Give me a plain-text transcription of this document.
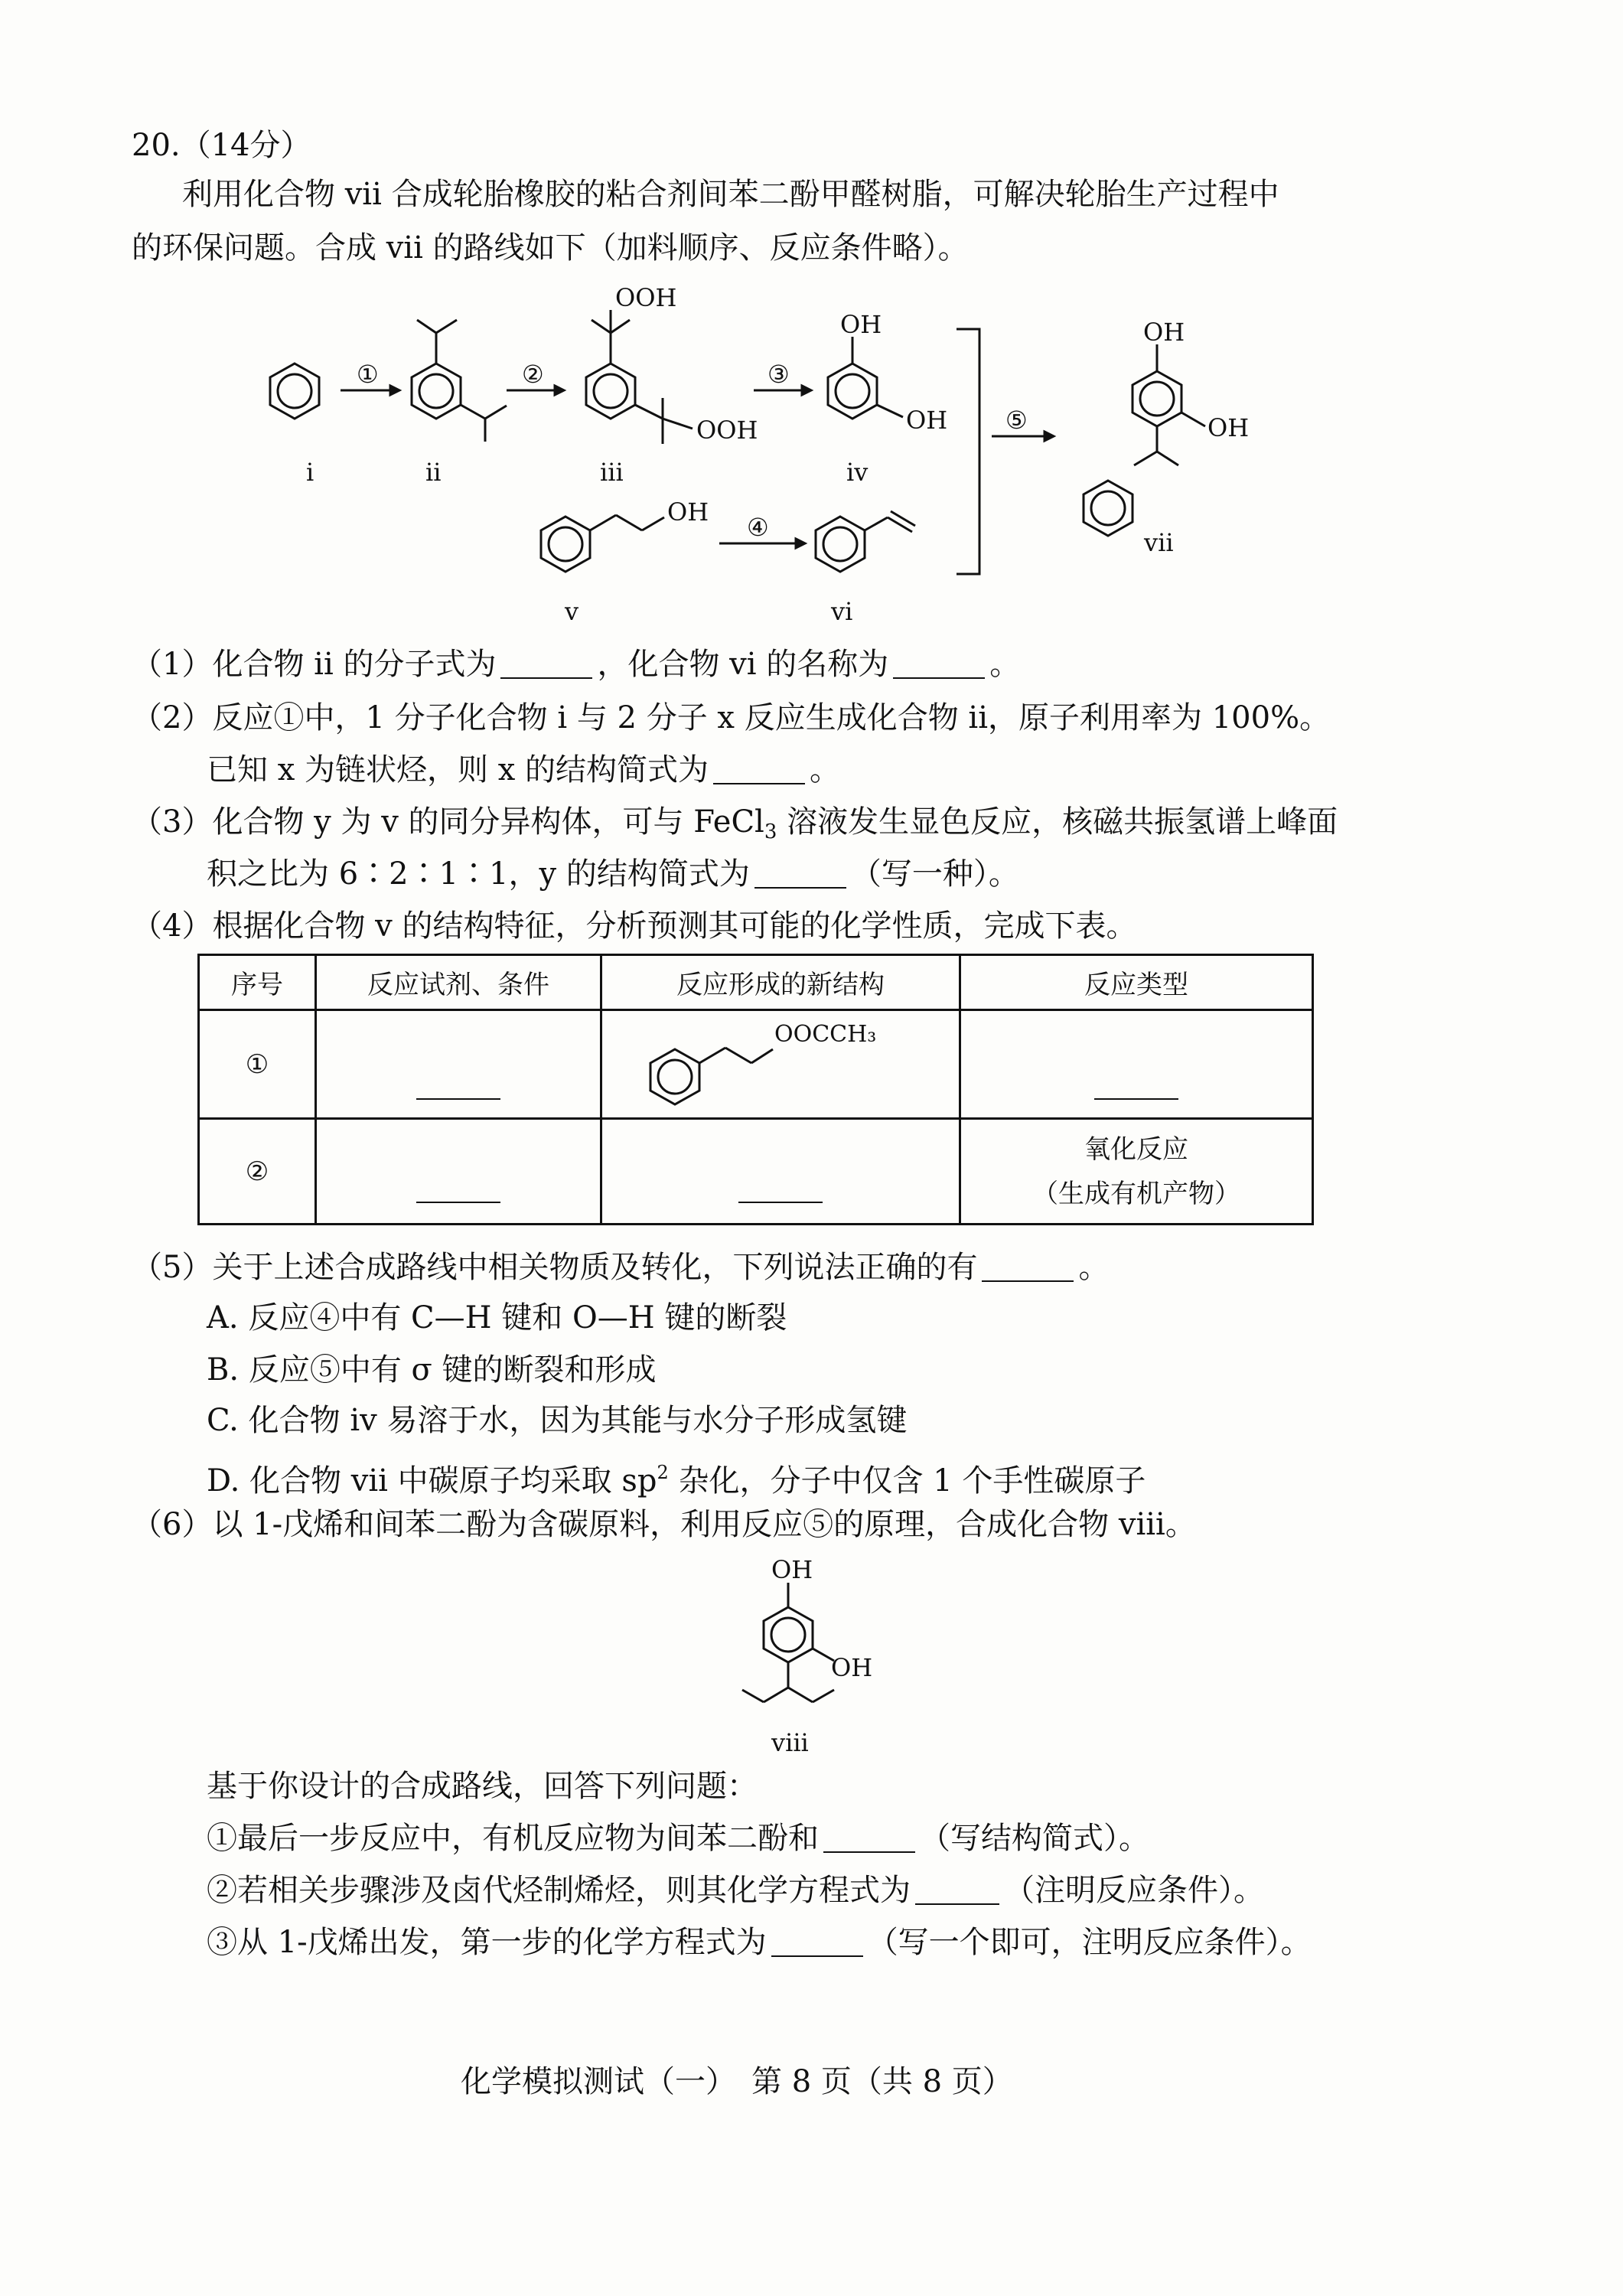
20.（14分）
利用化合物 vii 合成轮胎橡胶的粘合剂间苯二酚甲醛树脂，可解决轮胎生产过程中
的环保问题。合成 vii 的路线如下（加料顺序、反应条件略）。
i	ii	iii	iv
v	vi
vii
①	②	③
④
⑤
OOH
OOH
OH
OH
OH
OH
OH
（1）化合物 ii 的分子式为	，化合物 vi 的名称为	。
（2）反应①中，1 分子化合物 i 与 2 分子 x 反应生成化合物 ii，原子利用率为 100%。
已知 x 为链状烃，则 x 的结构简式为	。
（3）化合物 y 为 v 的同分异构体，可与 FeCl$_3$ 溶液发生显色反应，核磁共振氢谱上峰面
积之比为 6∶2∶1∶1，y 的结构简式为	（写一种）。
（4）根据化合物 v 的结构特征，分析预测其可能的化学性质，完成下表。
序号	反应试剂、条件	反应形成的新结构	反应类型
①		OOCCH₃	

②			氧化反应
（生成有机产物）
（5）关于上述合成路线中相关物质及转化，下列说法正确的有	。
A. 反应④中有 C—H 键和 O—H 键的断裂
B. 反应⑤中有 σ 键的断裂和形成
C. 化合物 iv 易溶于水，因为其能与水分子形成氢键
D. 化合物 vii 中碳原子均采取 $sp^2$ 杂化，分子中仅含 1 个手性碳原子
（6）以 1-戊烯和间苯二酚为含碳原料，利用反应⑤的原理，合成化合物 viii。
OH
OH
viii
基于你设计的合成路线，回答下列问题：
①最后一步反应中，有机反应物为间苯二酚和	（写结构简式）。
②若相关步骤涉及卤代烃制烯烃，则其化学方程式为	（注明反应条件）。
③从 1-戊烯出发，第一步的化学方程式为	（写一个即可，注明反应条件）。
化学模拟测试（一）　第 8 页（共 8 页）
